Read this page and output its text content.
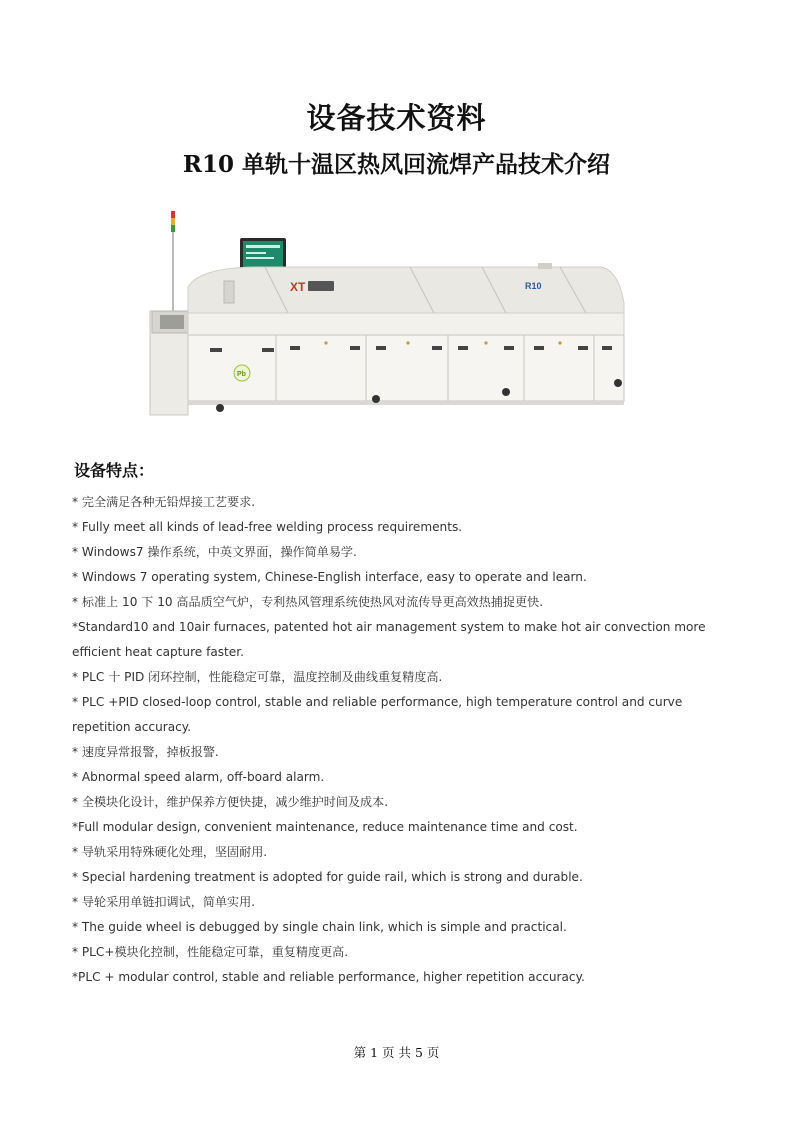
设备技术资料
R10 单轨十温区热风回流焊产品技术介绍
XT	R10
Pb
设备特点：
* 完全满足各种无铅焊接工艺要求.
* Fully meet all kinds of lead-free welding process requirements.
* Windows7 操作系统，中英文界面，操作简单易学.
* Windows 7 operating system, Chinese-English interface, easy to operate and learn.
* 标准上 10 下 10 高品质空气炉，专利热风管理系统使热风对流传导更高效热捕捉更快.
*Standard10 and 10air furnaces, patented hot air management system to make hot air convection more efficient heat capture faster.
* PLC 十 PID 闭环控制，性能稳定可靠，温度控制及曲线重复精度高.
* PLC +PID closed-loop control, stable and reliable performance, high temperature control and curve repetition accuracy.
* 速度异常报警，掉板报警.
* Abnormal speed alarm, off-board alarm.
* 全模块化设计，维护保养方便快捷，减少维护时间及成本.
*Full modular design, convenient maintenance, reduce maintenance time and cost.
* 导轨采用特殊硬化处理，坚固耐用.
* Special hardening treatment is adopted for guide rail, which is strong and durable.
* 导轮采用单链扣调试，简单实用.
* The guide wheel is debugged by single chain link, which is simple and practical.
* PLC+模块化控制，性能稳定可靠，重复精度更高.
*PLC + modular control, stable and reliable performance, higher repetition accuracy.

第 1 页 共 5 页
